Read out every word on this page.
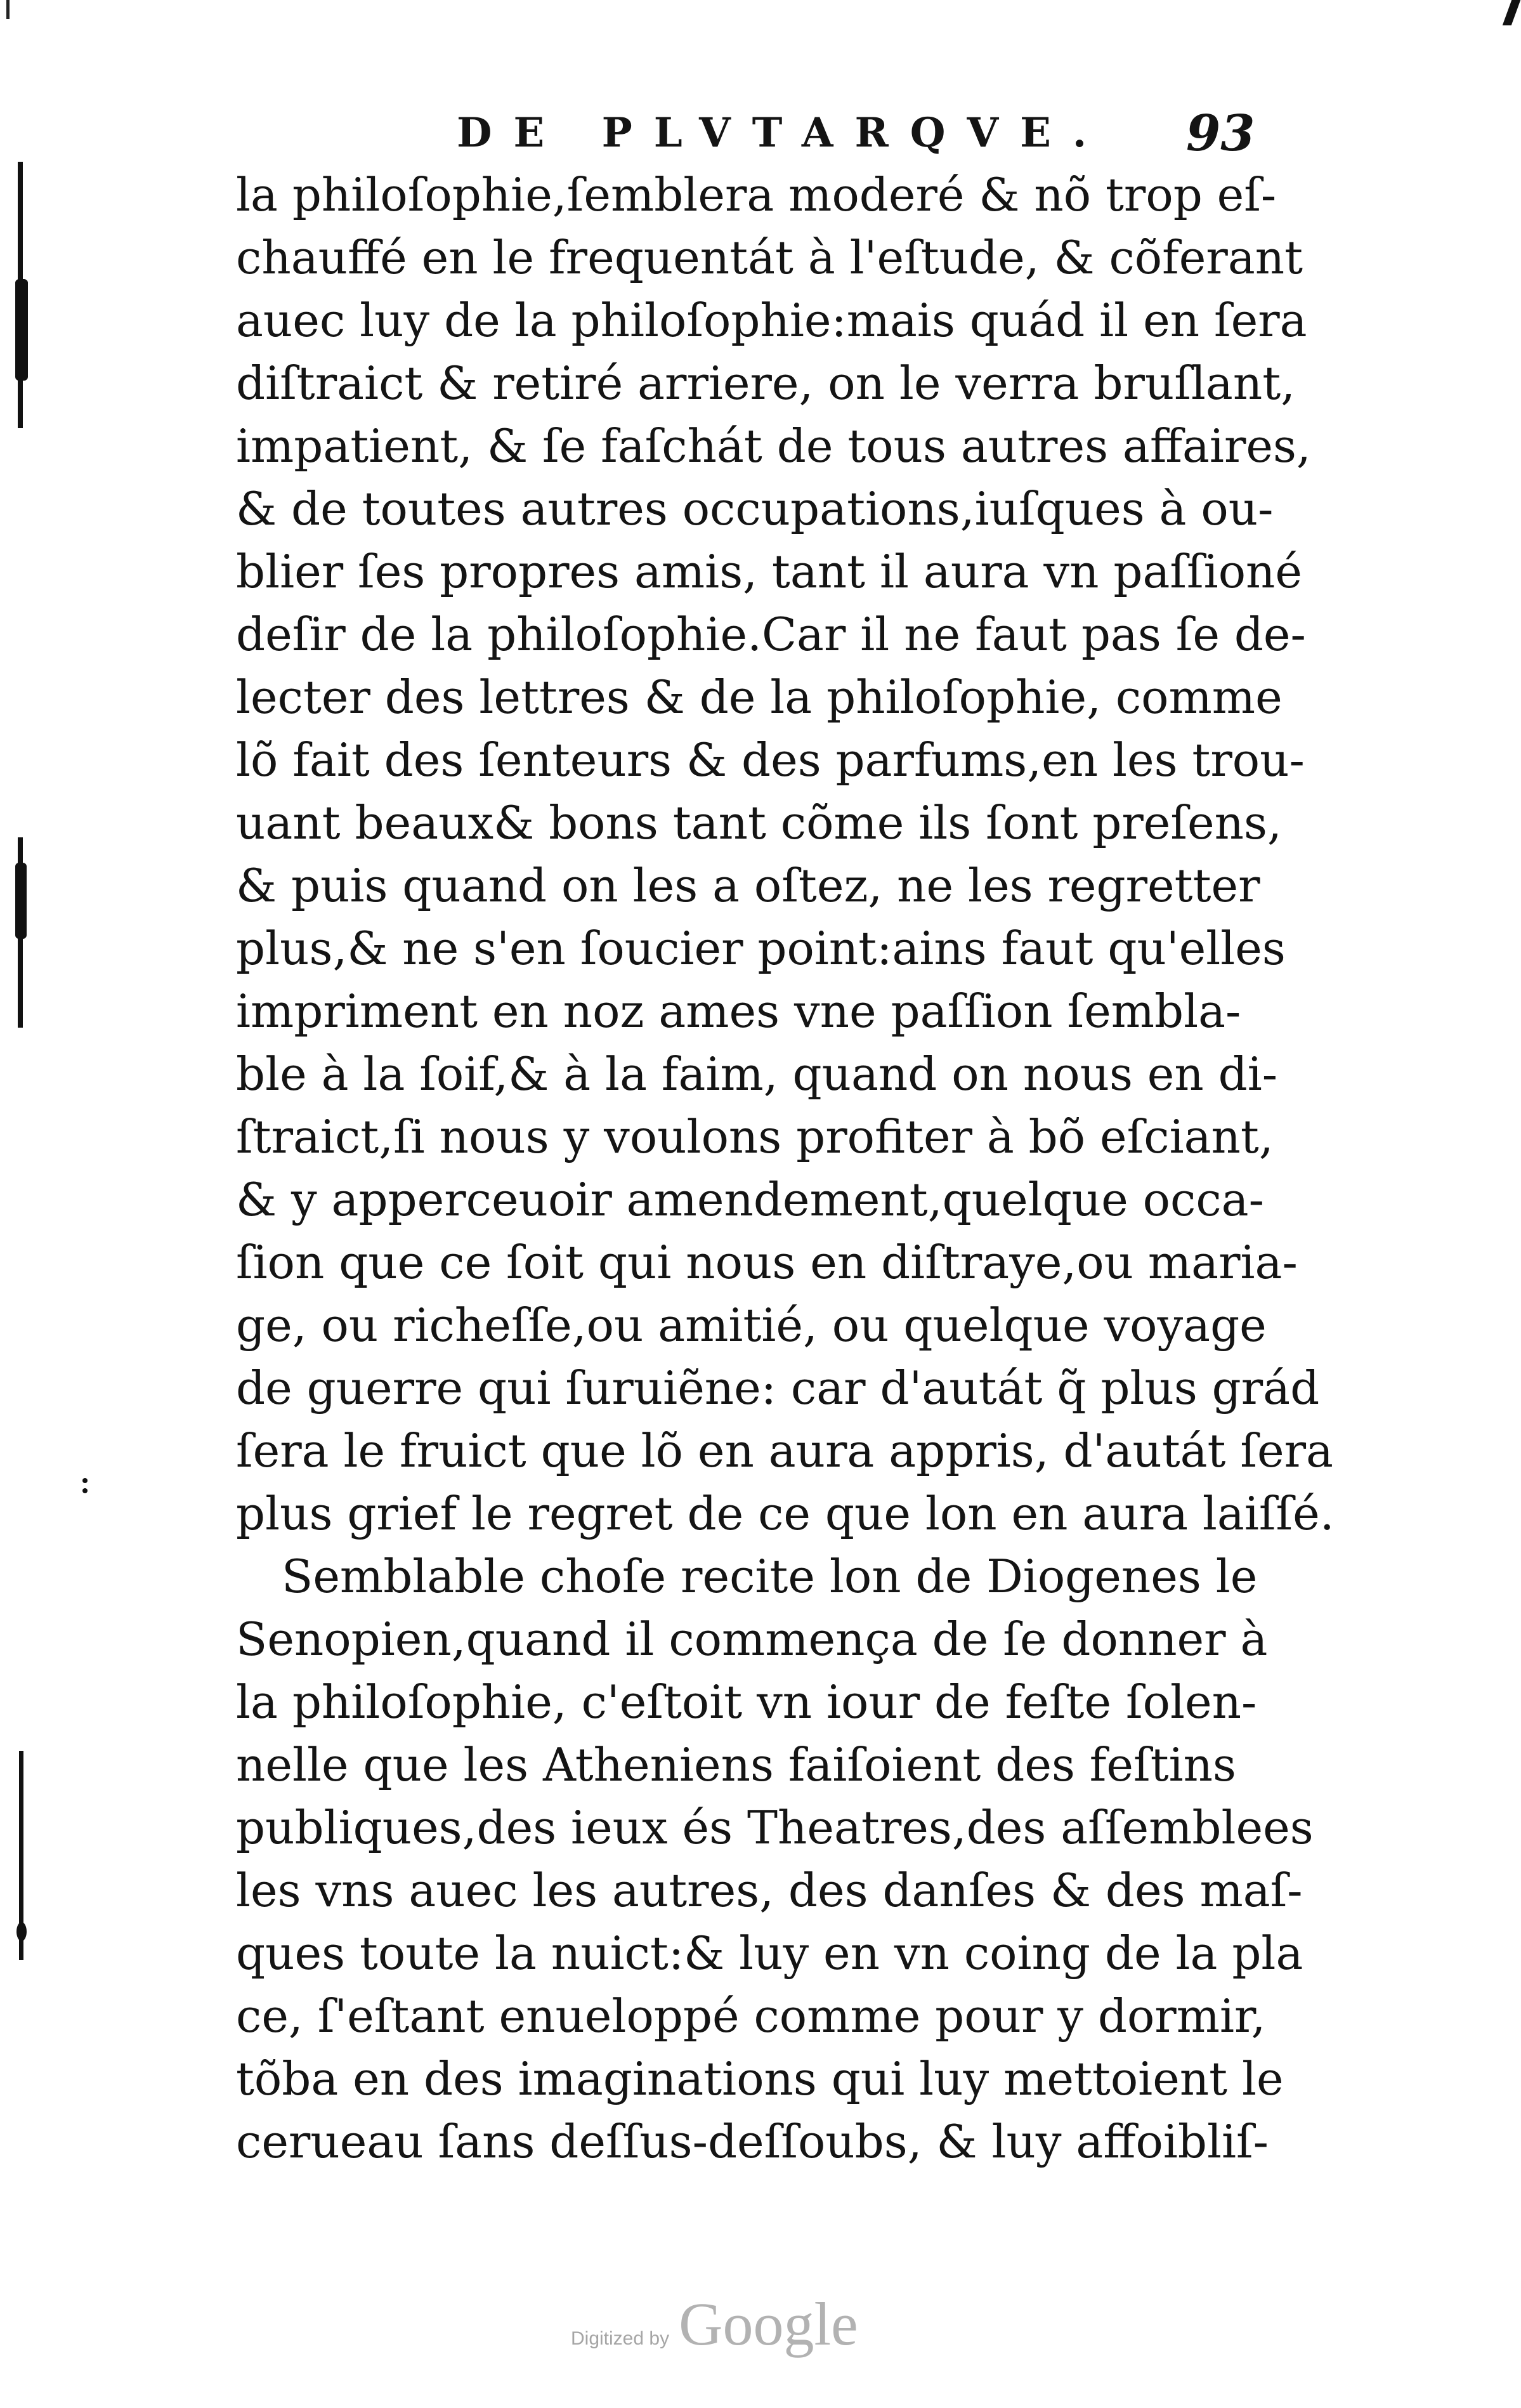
DE PLVTARQVE. 93
la philoſophie,ſemblera moderé & nõ trop eſ-
chauffé en le frequentát à l'eſtude, & cõferant
auec luy de la philoſophie:mais quád il en ſera
diſtraict & retiré arriere, on le verra bruſlant,
impatient, & ſe faſchát de tous autres affaires,
& de toutes autres occupations,iuſques à ou-
blier ſes propres amis, tant il aura vn paſſioné
deſir de la philoſophie.Car il ne faut pas ſe de-
lecter des lettres & de la philoſophie, comme
lõ fait des ſenteurs & des parfums,en les trou-
uant beaux& bons tant cõme ils ſont preſens,
& puis quand on les a oſtez, ne les regretter
plus,& ne s'en ſoucier point:ains faut qu'elles
impriment en noz ames vne paſſion ſembla-
ble à la ſoif,& à la faim, quand on nous en di-
ſtraict,ſi nous y voulons profiter à bõ eſciant,
& y apperceuoir amendement,quelque occa-
ſion que ce ſoit qui nous en diſtraye,ou maria-
ge, ou richeſſe,ou amitié, ou quelque voyage
de guerre qui ſuruiẽne: car d'autát q̃ plus grád
ſera le fruict que lõ en aura appris, d'autát ſera
plus grief le regret de ce que lon en aura laiſſé.
Semblable choſe recite lon de Diogenes le
Senopien,quand il commença de ſe donner à
la philoſophie, c'eſtoit vn iour de feſte ſolen-
nelle que les Atheniens faiſoient des feſtins
publiques,des ieux és Theatres,des aſſemblees
les vns auec les autres, des danſes & des maſ-
ques toute la nuict:& luy en vn coing de la pla
ce, ſ'eſtant enueloppé comme pour y dormir,
tõba en des imaginations qui luy mettoient le
cerueau ſans deſſus-deſſoubs, & luy affoibliſ-
Digitized by Google
